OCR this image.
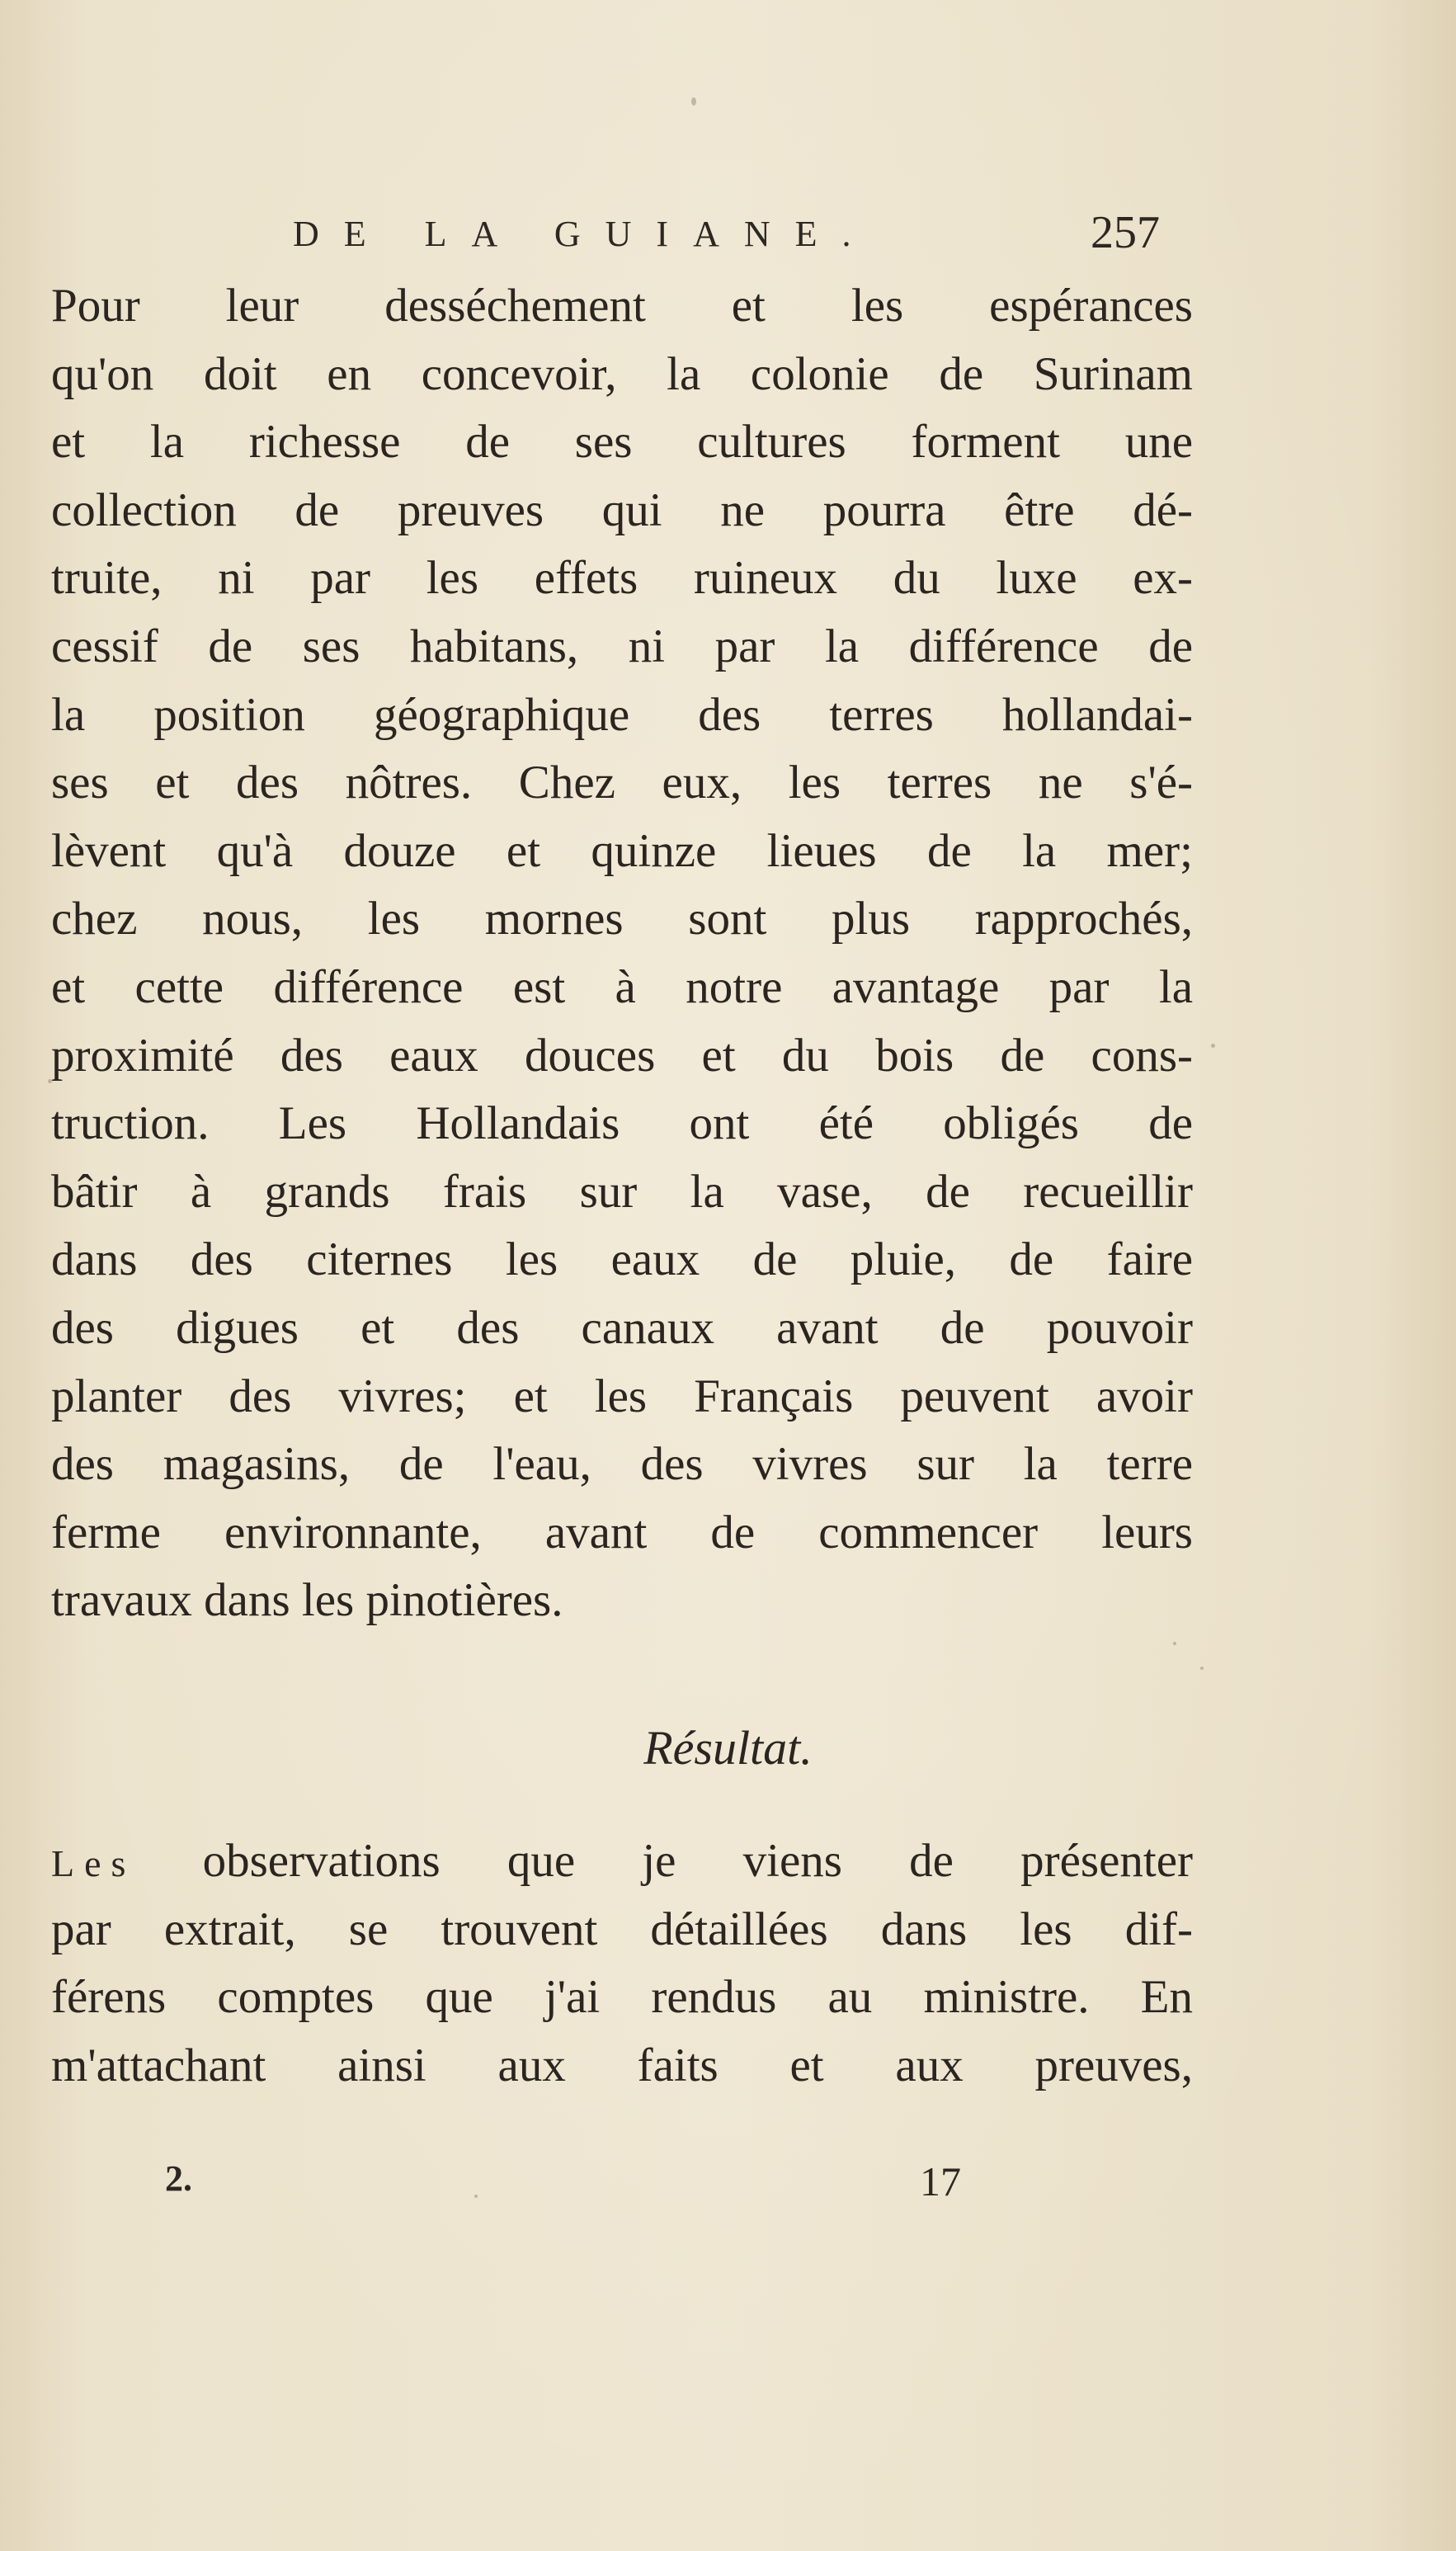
DE LA GUIANE.	257
Pour leur desséchement et les espérances
qu'on doit en concevoir, la colonie de Surinam
et la richesse de ses cultures forment une
collection de preuves qui ne pourra être dé-
truite, ni par les effets ruineux du luxe ex-
cessif de ses habitans, ni par la différence de
la position géographique des terres hollandai-
ses et des nôtres. Chez eux, les terres ne s'é-
lèvent qu'à douze et quinze lieues de la mer;
chez nous, les mornes sont plus rapprochés,
et cette différence est à notre avantage par la
proximité des eaux douces et du bois de cons-
truction. Les Hollandais ont été obligés de
bâtir à grands frais sur la vase, de recueillir
dans des citernes les eaux de pluie, de faire
des digues et des canaux avant de pouvoir
planter des vivres; et les Français peuvent avoir
des magasins, de l'eau, des vivres sur la terre
ferme environnante, avant de commencer leurs
travaux dans les pinotières.
Résultat.
Les observations que je viens de présenter
par extrait, se trouvent détaillées dans les dif-
férens comptes que j'ai rendus au ministre. En
m'attachant ainsi aux faits et aux preuves,
2.	17
